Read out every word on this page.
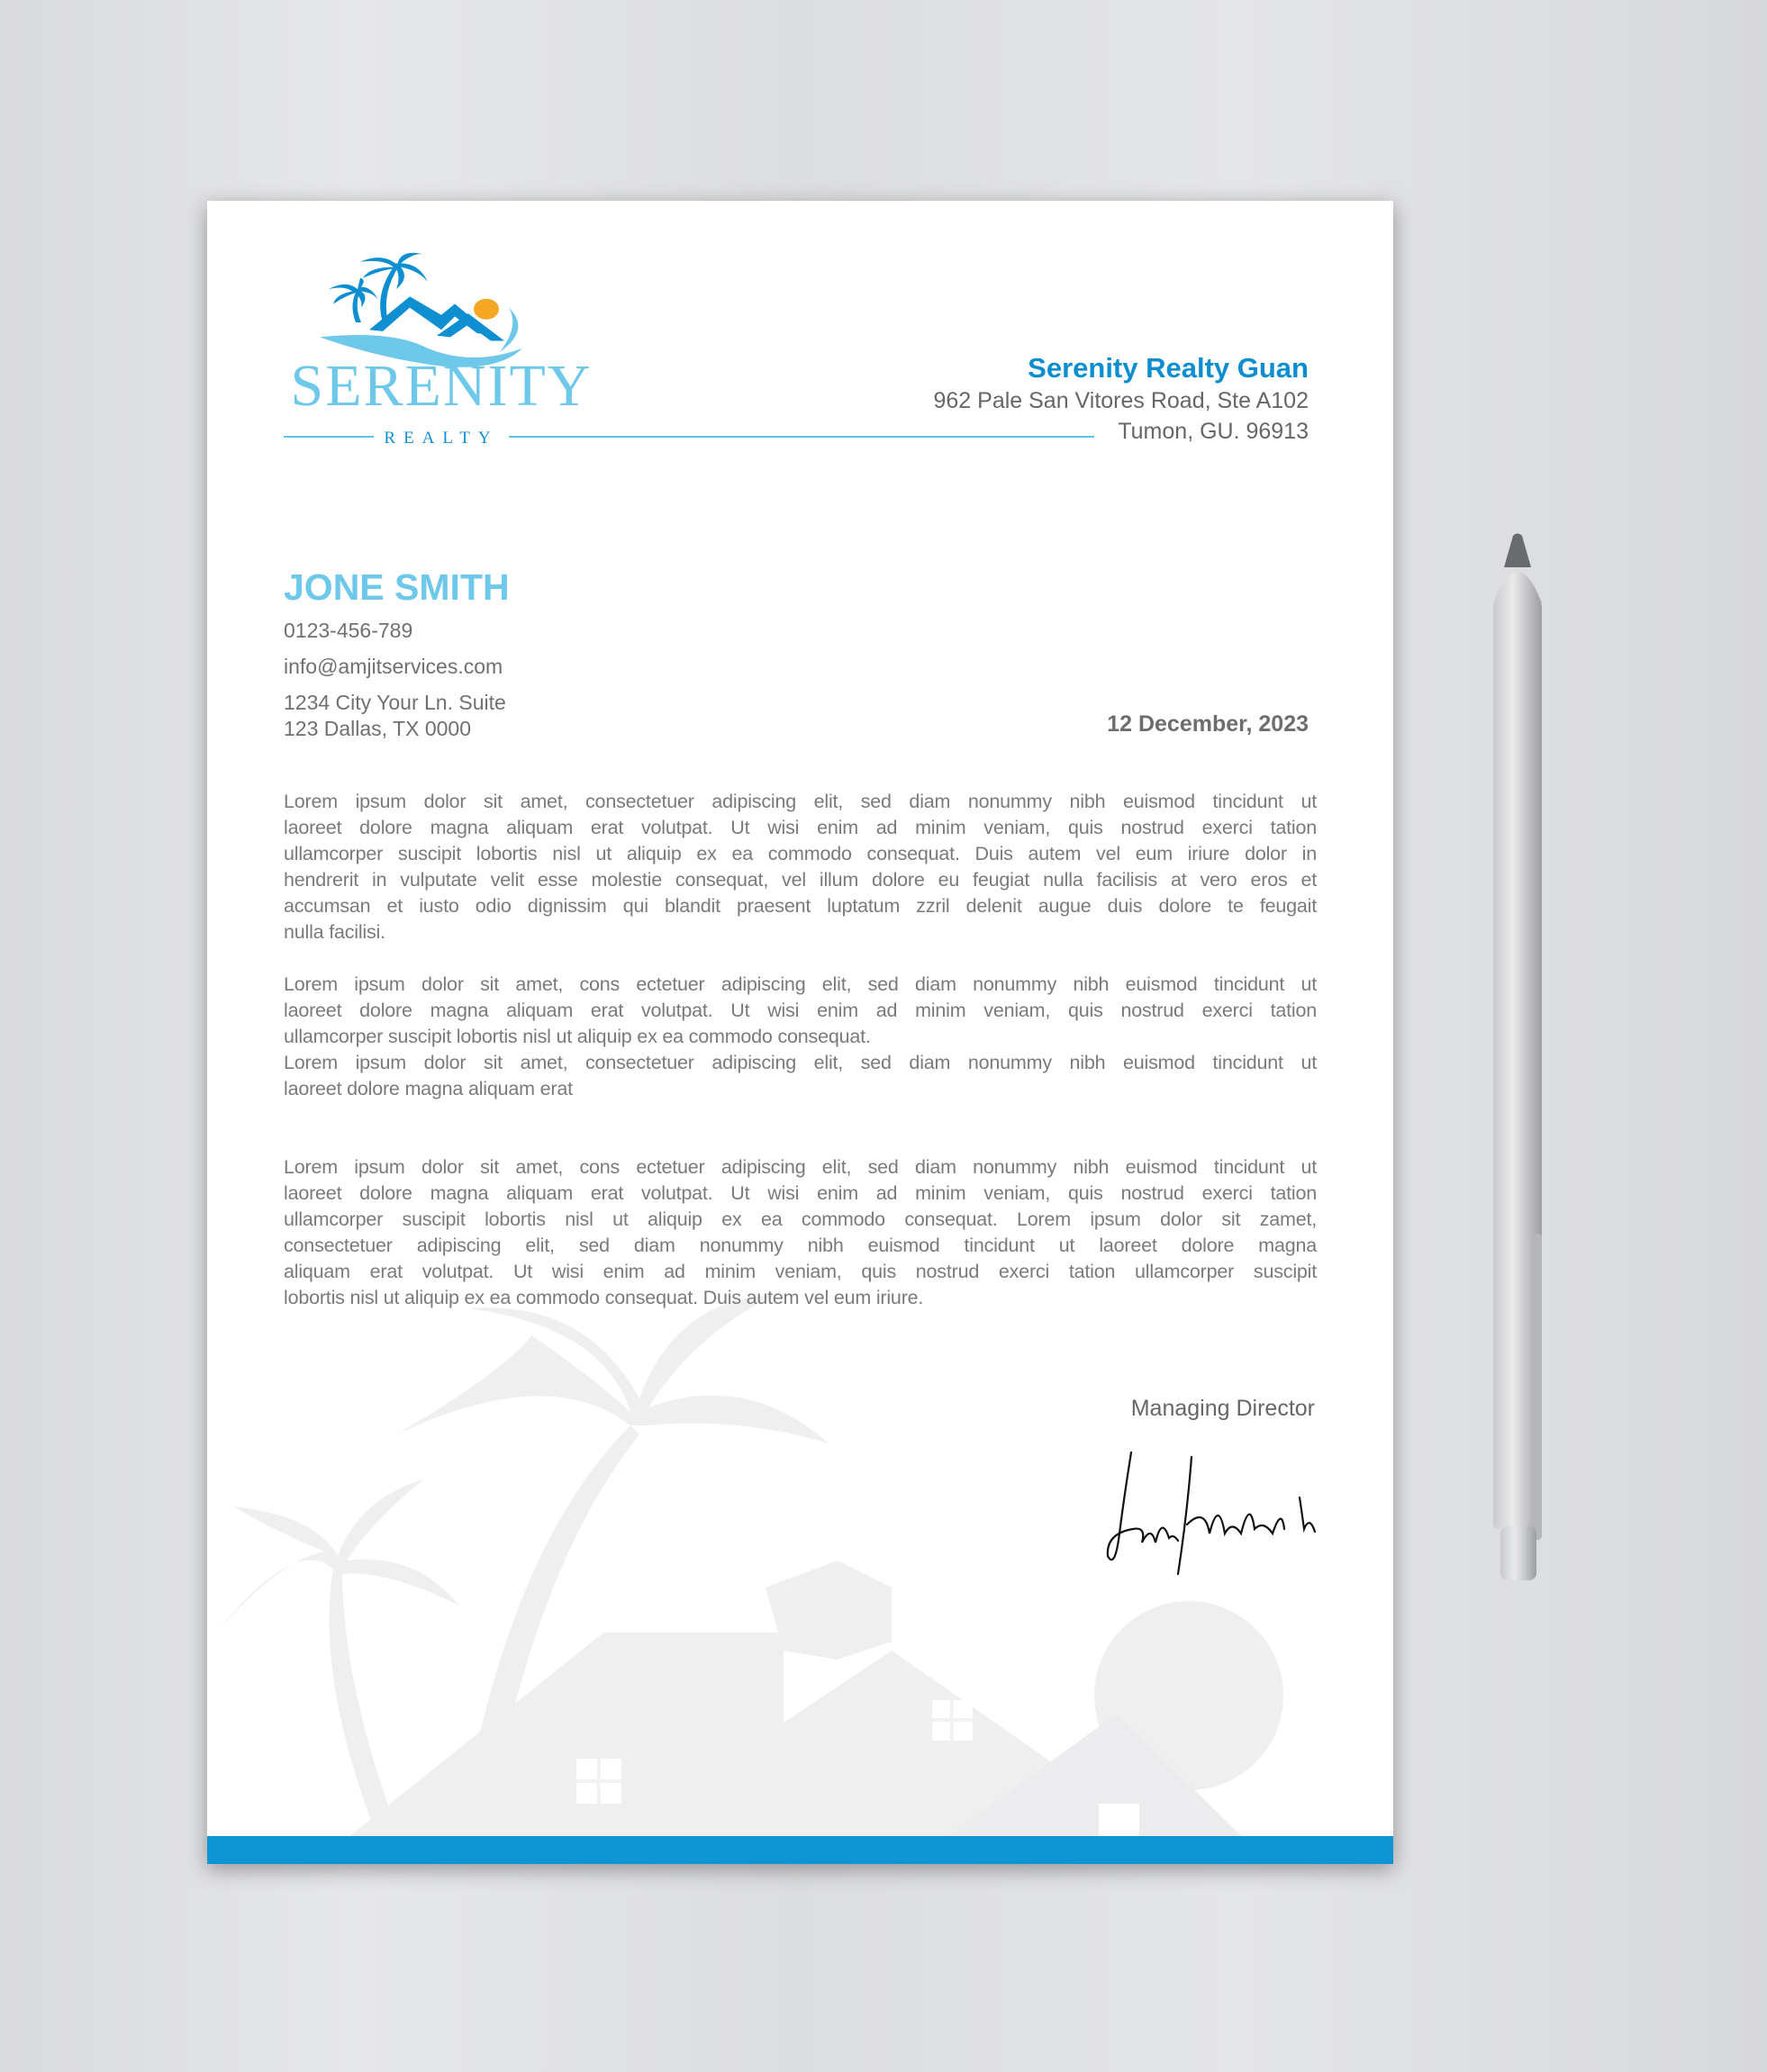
SERENITY
REALTY
Serenity Realty Guan
962 Pale San Vitores Road, Ste A102
Tumon, GU. 96913
JONE SMITH
0123-456-789
info@amjitservices.com
1234 City Your Ln. Suite
123 Dallas, TX 0000	12 December, 2023
Lorem ipsum dolor sit amet, consectetuer adipiscing elit, sed diam nonummy nibh euismod tincidunt ut
laoreet dolore magna aliquam erat volutpat. Ut wisi enim ad minim veniam, quis nostrud exerci tation
ullamcorper suscipit lobortis nisl ut aliquip ex ea commodo consequat. Duis autem vel eum iriure dolor in
hendrerit in vulputate velit esse molestie consequat, vel illum dolore eu feugiat nulla facilisis at vero eros et
accumsan et iusto odio dignissim qui blandit praesent luptatum zzril delenit augue duis dolore te feugait
nulla facilisi.
Lorem ipsum dolor sit amet, cons ectetuer adipiscing elit, sed diam nonummy nibh euismod tincidunt ut
laoreet dolore magna aliquam erat volutpat. Ut wisi enim ad minim veniam, quis nostrud exerci tation
ullamcorper suscipit lobortis nisl ut aliquip ex ea commodo consequat.
Lorem ipsum dolor sit amet, consectetuer adipiscing elit, sed diam nonummy nibh euismod tincidunt ut
laoreet dolore magna aliquam erat
Lorem ipsum dolor sit amet, cons ectetuer adipiscing elit, sed diam nonummy nibh euismod tincidunt ut
laoreet dolore magna aliquam erat volutpat. Ut wisi enim ad minim veniam, quis nostrud exerci tation
ullamcorper suscipit lobortis nisl ut aliquip ex ea commodo consequat. Lorem ipsum dolor sit zamet,
consectetuer adipiscing elit, sed diam nonummy nibh euismod tincidunt ut laoreet dolore magna
aliquam erat volutpat. Ut wisi enim ad minim veniam, quis nostrud exerci tation ullamcorper suscipit
lobortis nisl ut aliquip ex ea commodo consequat. Duis autem vel eum iriure.
Managing Director
